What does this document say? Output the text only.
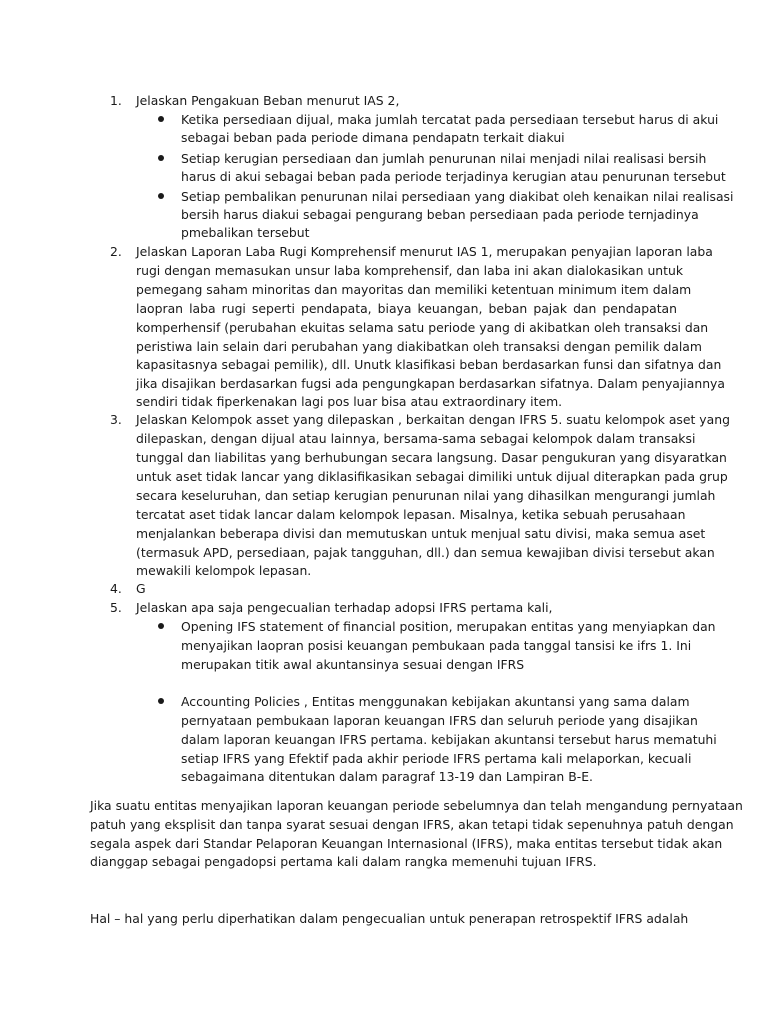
1. Jelaskan Pengakuan Beban menurut IAS 2,
Ketika persediaan dijual, maka jumlah tercatat pada persediaan tersebut harus di akui
sebagai beban pada periode dimana pendapatn terkait diakui
Setiap kerugian persediaan dan jumlah penurunan nilai menjadi nilai realisasi bersih
harus di akui sebagai beban pada periode terjadinya kerugian atau penurunan tersebut
Setiap pembalikan penurunan nilai persediaan yang diakibat oleh kenaikan nilai realisasi
bersih harus diakui sebagai pengurang beban persediaan pada periode ternjadinya
pmebalikan tersebut
2. Jelaskan Laporan Laba Rugi Komprehensif menurut IAS 1, merupakan penyajian laporan laba
rugi dengan memasukan unsur laba komprehensif, dan laba ini akan dialokasikan untuk
pemegang saham minoritas dan mayoritas dan memiliki ketentuan minimum item dalam
laopran laba rugi seperti pendapata, biaya keuangan, beban pajak dan pendapatan
komperhensif (perubahan ekuitas selama satu periode yang di akibatkan oleh transaksi dan
peristiwa lain selain dari perubahan yang diakibatkan oleh transaksi dengan pemilik dalam
kapasitasnya sebagai pemilik), dll. Unutk klasifikasi beban berdasarkan funsi dan sifatnya dan
jika disajikan berdasarkan fugsi ada pengungkapan berdasarkan sifatnya. Dalam penyajiannya
sendiri tidak fiperkenakan lagi pos luar bisa atau extraordinary item.
3. Jelaskan Kelompok asset yang dilepaskan , berkaitan dengan IFRS 5. suatu kelompok aset yang
dilepaskan, dengan dijual atau lainnya, bersama-sama sebagai kelompok dalam transaksi
tunggal dan liabilitas yang berhubungan secara langsung. Dasar pengukuran yang disyaratkan
untuk aset tidak lancar yang diklasifikasikan sebagai dimiliki untuk dijual diterapkan pada grup
secara keseluruhan, dan setiap kerugian penurunan nilai yang dihasilkan mengurangi jumlah
tercatat aset tidak lancar dalam kelompok lepasan. Misalnya, ketika sebuah perusahaan
menjalankan beberapa divisi dan memutuskan untuk menjual satu divisi, maka semua aset
(termasuk APD, persediaan, pajak tangguhan, dll.) dan semua kewajiban divisi tersebut akan
mewakili kelompok lepasan.
4. G
5. Jelaskan apa saja pengecualian terhadap adopsi IFRS pertama kali,
Opening IFS statement of financial position, merupakan entitas yang menyiapkan dan
menyajikan laopran posisi keuangan pembukaan pada tanggal tansisi ke ifrs 1. Ini
merupakan titik awal akuntansinya sesuai dengan IFRS
Accounting Policies , Entitas menggunakan kebijakan akuntansi yang sama dalam
pernyataan pembukaan laporan keuangan IFRS dan seluruh periode yang disajikan
dalam laporan keuangan IFRS pertama. kebijakan akuntansi tersebut harus mematuhi
setiap IFRS yang Efektif pada akhir periode IFRS pertama kali melaporkan, kecuali
sebagaimana ditentukan dalam paragraf 13-19 dan Lampiran B-E.
Jika suatu entitas menyajikan laporan keuangan periode sebelumnya dan telah mengandung pernyataan
patuh yang eksplisit dan tanpa syarat sesuai dengan IFRS, akan tetapi tidak sepenuhnya patuh dengan
segala aspek dari Standar Pelaporan Keuangan Internasional (IFRS), maka entitas tersebut tidak akan
dianggap sebagai pengadopsi pertama kali dalam rangka memenuhi tujuan IFRS.
Hal – hal yang perlu diperhatikan dalam pengecualian untuk penerapan retrospektif IFRS adalah
